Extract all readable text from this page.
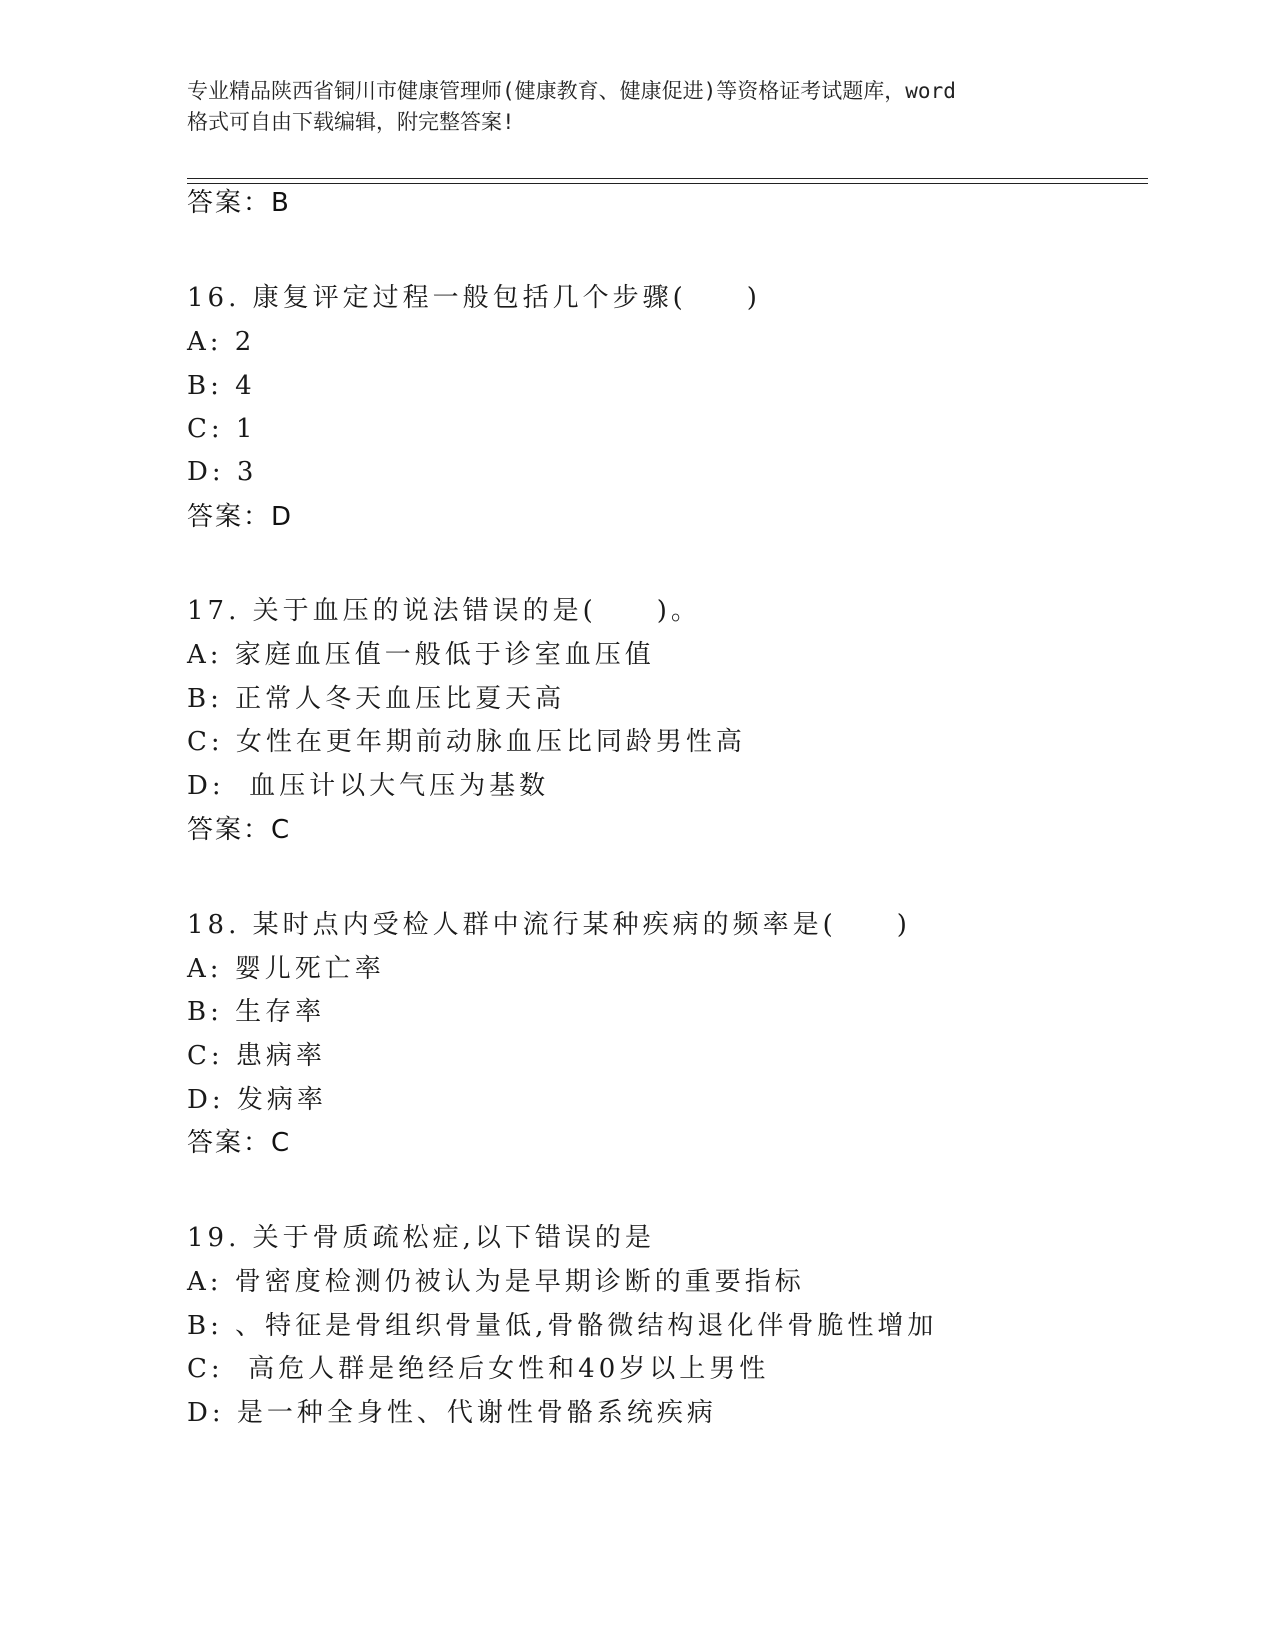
专业精品陕西省铜川市健康管理师(健康教育、健康促进)等资格证考试题库，word
格式可自由下载编辑，附完整答案!
答案：B
16. 康复评定过程一般包括几个步骤(　　)
A: 2
B: 4
C: 1
D: 3
答案：D
17. 关于血压的说法错误的是(　　)。
A: 家庭血压值一般低于诊室血压值
B: 正常人冬天血压比夏天高
C: 女性在更年期前动脉血压比同龄男性高
D:  血压计以大气压为基数
答案：C
18. 某时点内受检人群中流行某种疾病的频率是(　　)
A: 婴儿死亡率
B: 生存率
C: 患病率
D: 发病率
答案：C
19. 关于骨质疏松症,以下错误的是
A: 骨密度检测仍被认为是早期诊断的重要指标
B: 、特征是骨组织骨量低,骨骼微结构退化伴骨脆性增加
C:  高危人群是绝经后女性和40岁以上男性
D: 是一种全身性、代谢性骨骼系统疾病
